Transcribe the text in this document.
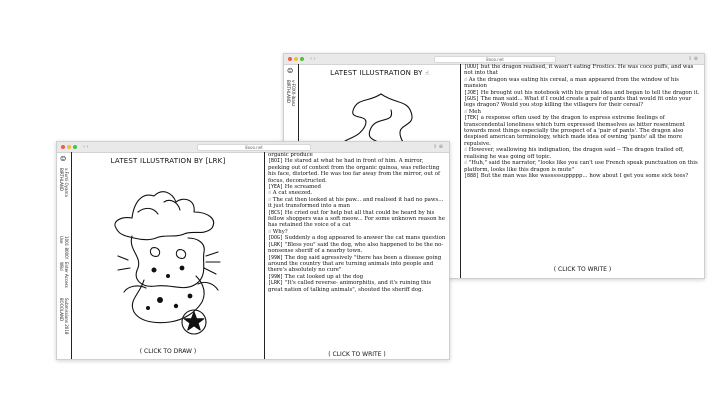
‹ ›	8ooo.net	⇪ ⊕
☺
BIRTHLAND v-FOXX-ibanz
LATEST ILLUSTRATION BY ☝
[UUU] but the dragon realised, it wasn't eating Frostics. He was coco puffs, and was not into that
☝ As the dragon was eating his cereal, a man appeared from the window of his mansion
[JOE] He brought out his notebook with his great idea and began to tell the dragon it.
[GUS] The man said... What if I could create a pair of pants that would fit onto your legs dragon? Would you stop killing the villagers for their cereal?
☝ Meh
[TEK] a response often used by the dragon to express extreme feelings of transcendental loneliness which turn expressed themselves as bitter resentment towards most things especially the prospect of a 'pair of pants'. The dragon also despised american terminology, which made idea of owning 'pants' all the more repulsive.
☝ However, swallowing his indignation, the dragon said -- The dragon trailed off, realising he was going off topic.
☝ "Huh," said the narrator, "looks like you can't use French speak punctuation on this platform, looks like this dragon is mute"
[888] But the man was like wasssssuppppp... how about I get you some sick tees?
( CLICK TO WRITE )
‹ ›	8ooo.net	⇪ ⊕
☺
BIRTHLAND x.Fumi Oyama
Use 1001 8000!
Wild Enter Access
8OOOLAND Submissions 2018
LATEST ILLUSTRATION BY [LRK]
( CLICK TO DRAW )
organic produce
[BOI] He stared at what he had in front of him. A mirror, peeking out of context from the organic quinoa, was reflecting his face, distorted. He was too far away from the mirror, out of focus, deconstructed.
[YEA] He screamed
☝ A cat sneezed.
☝ The cat then looked at his paw... and realised it had no paws... it just transformed into a man
[BCS] He cried out for help but all that could be heard by his fellow shoppers was a soft meow... For some unknown reason he has retained the voice of a cat
☝ Why?
[DOG] Suddenly a dog appeared to answer the cat mans question
[LRK] "Bless you" said the dog, who also happened to be the no-nonsense sheriff of a nearby town.
[99W] The dog said agressively "there has been a disease going around the country that are turning animals into people and there's absolutely no cure"
[99W] The cat looked up at the dog
[LRK] "It's called reverse- animorphitis, and it's ruining this great nation of talking animals", shouted the sheriff dog.
( CLICK TO WRITE )
